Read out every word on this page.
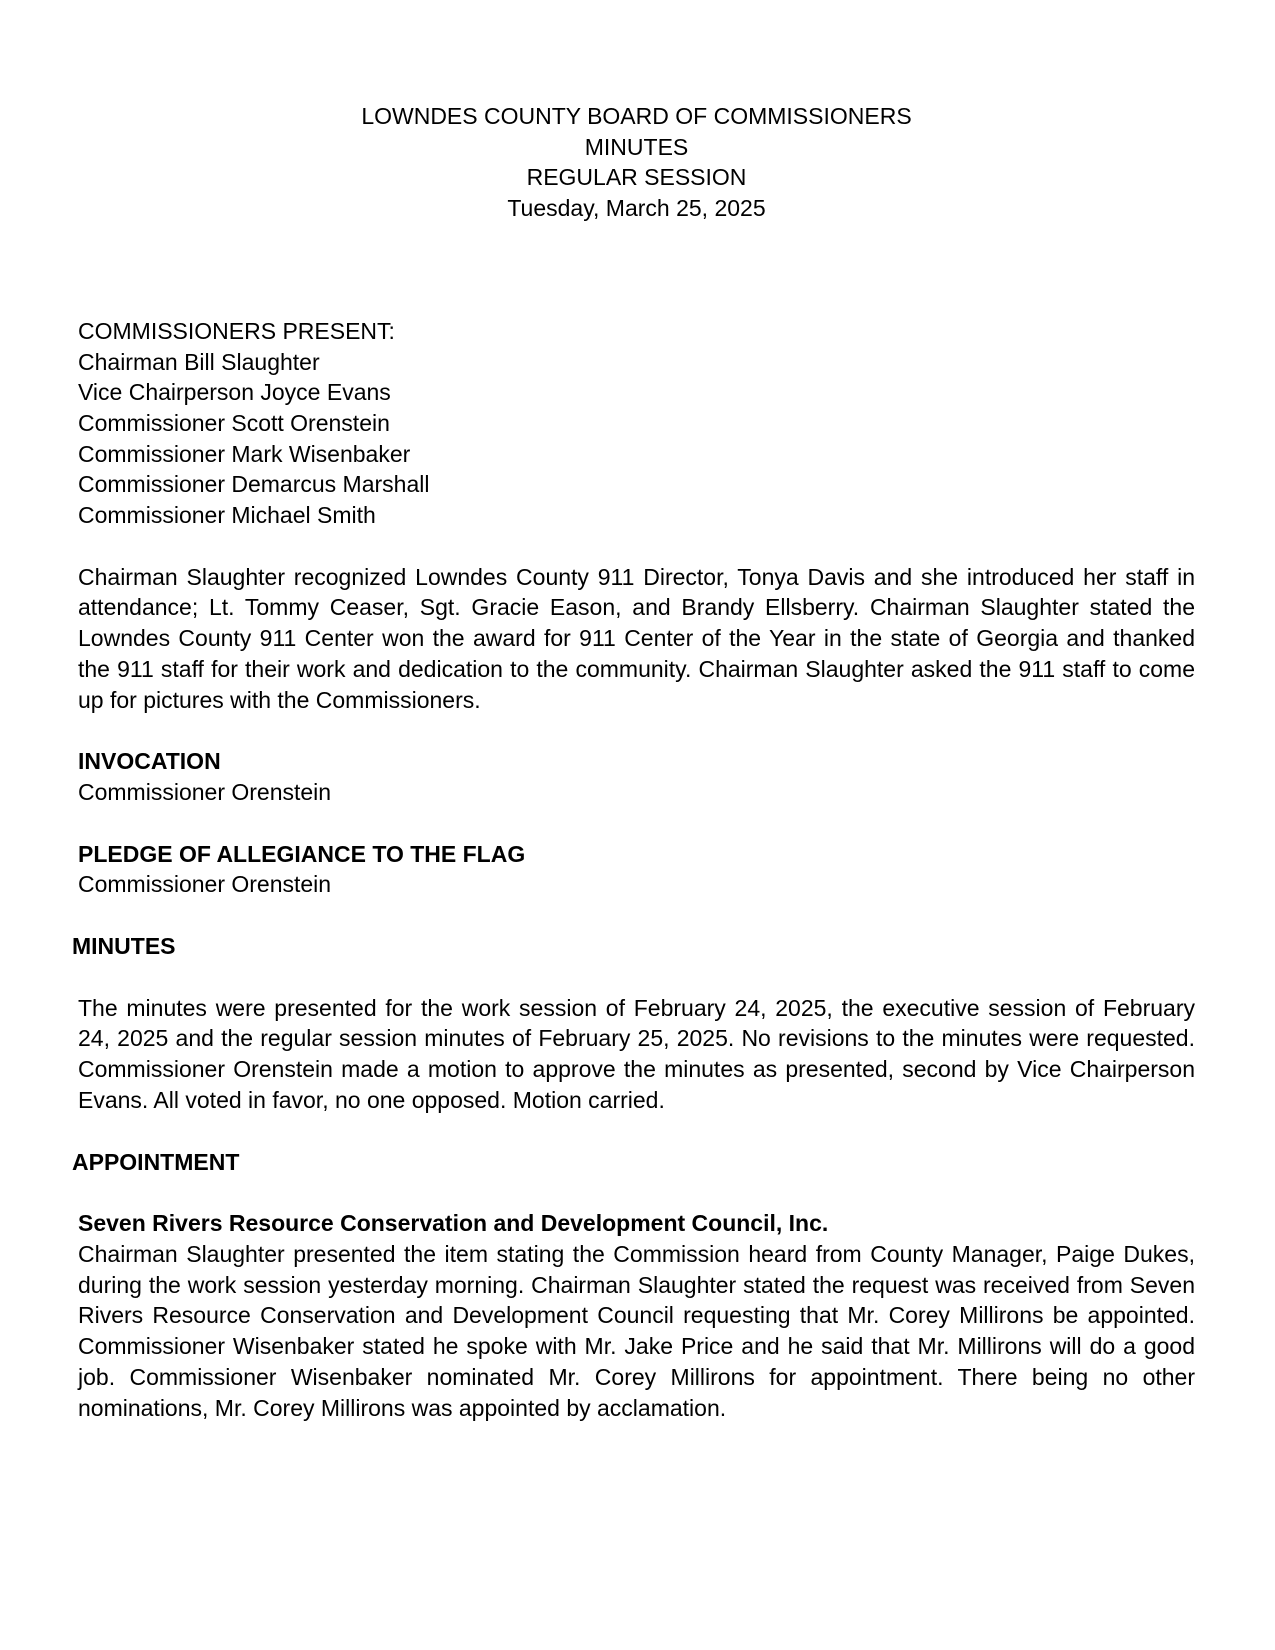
LOWNDES COUNTY BOARD OF COMMISSIONERS
MINUTES
REGULAR SESSION
Tuesday, March 25, 2025
COMMISSIONERS PRESENT:
Chairman Bill Slaughter
Vice Chairperson Joyce Evans
Commissioner Scott Orenstein
Commissioner Mark Wisenbaker
Commissioner Demarcus Marshall
Commissioner Michael Smith
Chairman Slaughter recognized Lowndes County 911 Director, Tonya Davis and she introduced her staff in attendance; Lt. Tommy Ceaser, Sgt. Gracie Eason, and Brandy Ellsberry. Chairman Slaughter stated the Lowndes County 911 Center won the award for 911 Center of the Year in the state of Georgia and thanked the 911 staff for their work and dedication to the community. Chairman Slaughter asked the 911 staff to come up for pictures with the Commissioners.
INVOCATION
Commissioner Orenstein
PLEDGE OF ALLEGIANCE TO THE FLAG
Commissioner Orenstein
MINUTES
The minutes were presented for the work session of February 24, 2025, the executive session of February 24, 2025 and the regular session minutes of February 25, 2025. No revisions to the minutes were requested. Commissioner Orenstein made a motion to approve the minutes as presented, second by Vice Chairperson Evans. All voted in favor, no one opposed. Motion carried.
APPOINTMENT
Seven Rivers Resource Conservation and Development Council, Inc.
Chairman Slaughter presented the item stating the Commission heard from County Manager, Paige Dukes, during the work session yesterday morning. Chairman Slaughter stated the request was received from Seven Rivers Resource Conservation and Development Council requesting that Mr. Corey Millirons be appointed. Commissioner Wisenbaker stated he spoke with Mr. Jake Price and he said that Mr. Millirons will do a good job. Commissioner Wisenbaker nominated Mr. Corey Millirons for appointment. There being no other nominations, Mr. Corey Millirons was appointed by acclamation.
